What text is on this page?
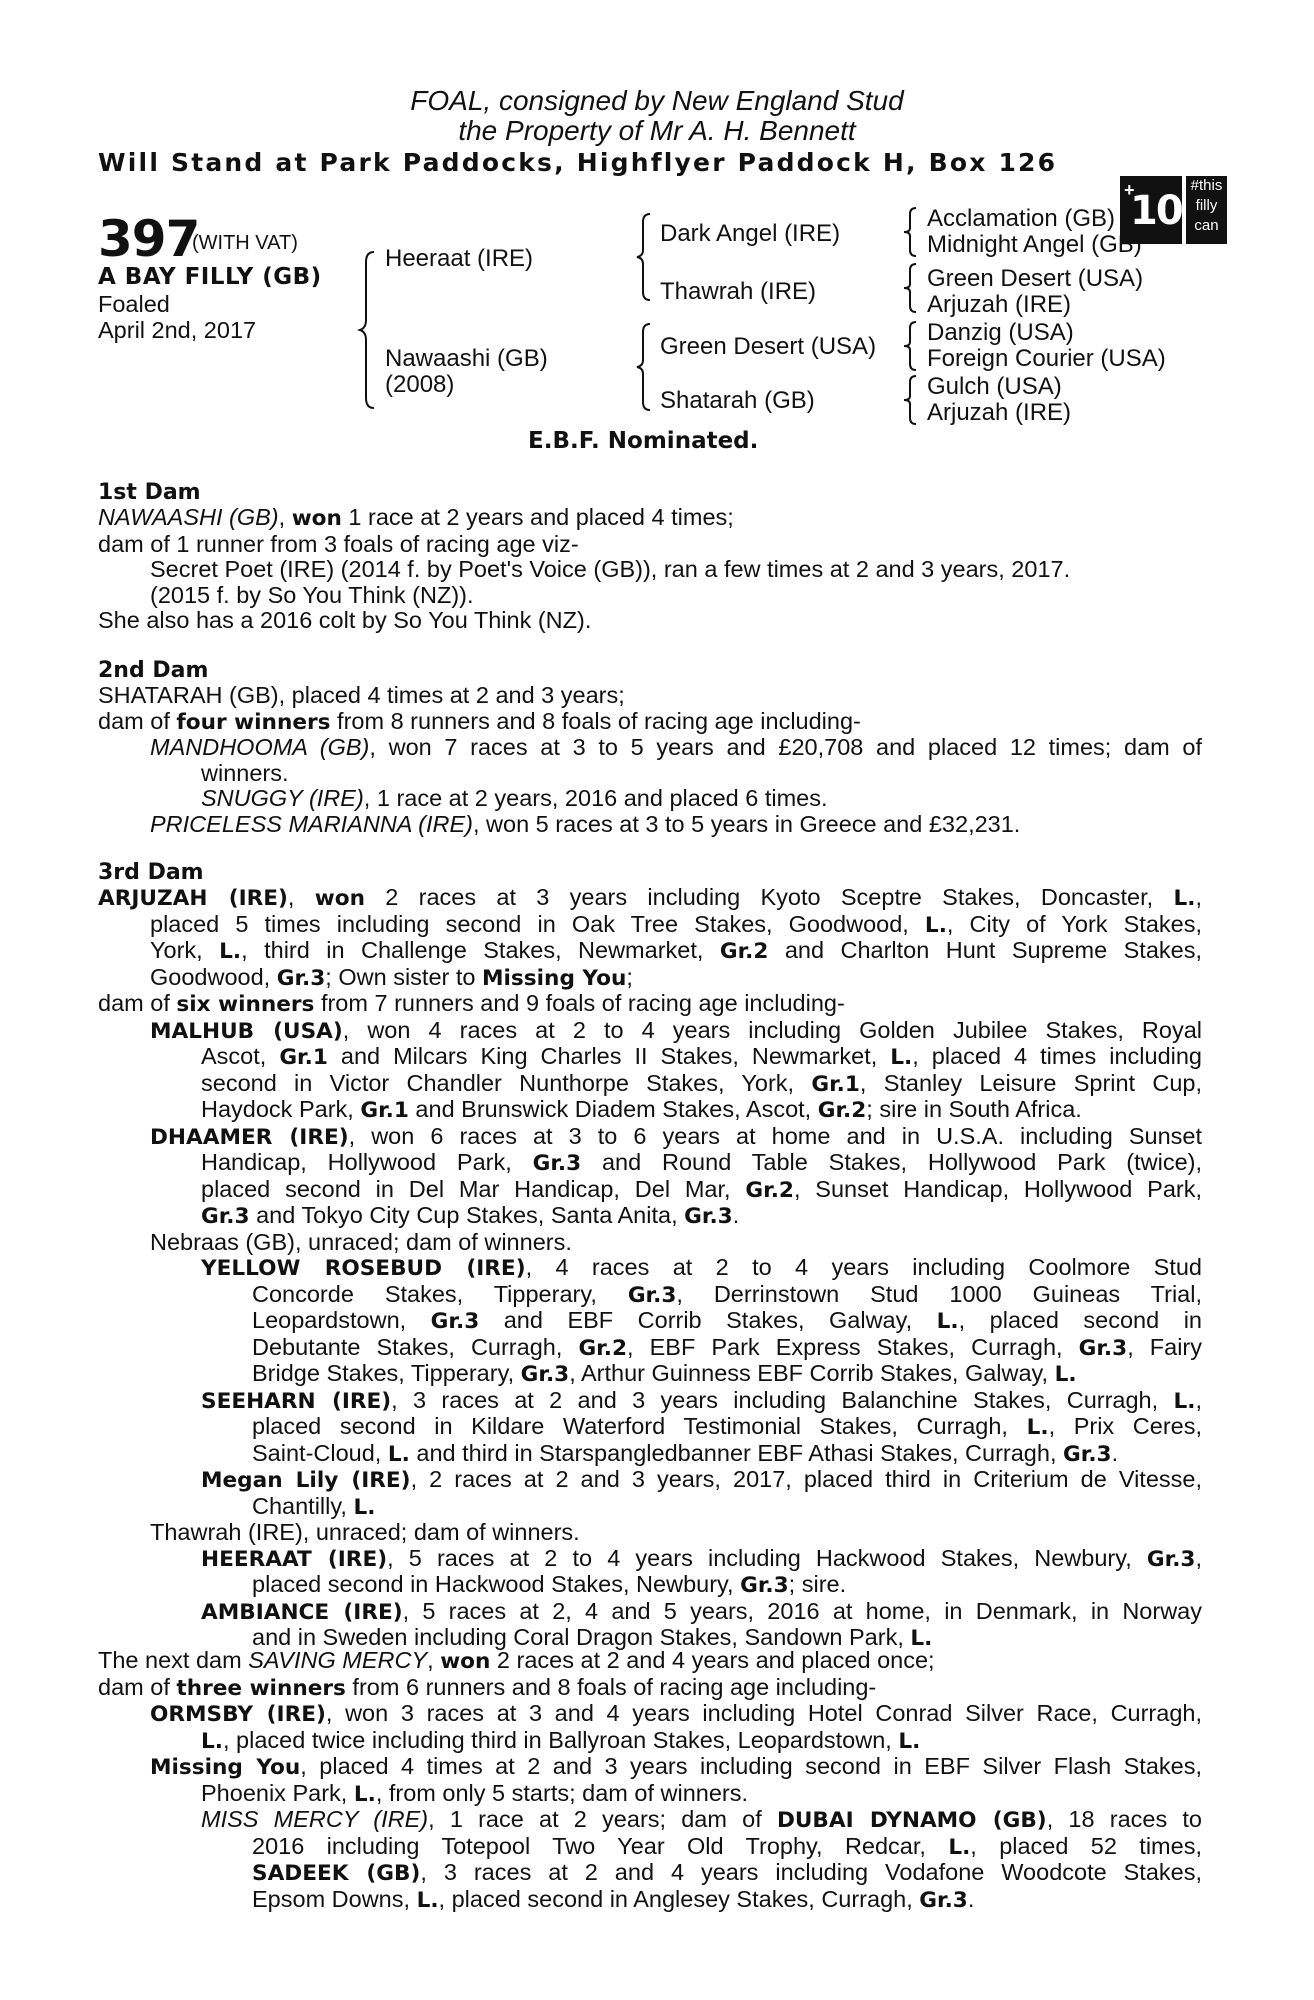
FOAL, consigned by New England Stud
the Property of Mr A. H. Bennett
Will Stand at Park Paddocks, Highflyer Paddock H, Box 126
+
10
#this
filly
can
397
(WITH VAT)
A BAY FILLY (GB)
Foaled
April 2nd, 2017
Heeraat (IRE)
Nawaashi (GB)
(2008)
Dark Angel (IRE)
Thawrah (IRE)
Green Desert (USA)
Shatarah (GB)
Acclamation (GB)
Midnight Angel (GB)
Green Desert (USA)
Arjuzah (IRE)
Danzig (USA)
Foreign Courier (USA)
Gulch (USA)
Arjuzah (IRE)
E.B.F. Nominated.
1st Dam
NAWAASHI (GB), won 1 race at 2 years and placed 4 times;
dam of 1 runner from 3 foals of racing age viz-
Secret Poet (IRE) (2014 f. by Poet's Voice (GB)), ran a few times at 2 and 3 years, 2017.
(2015 f. by So You Think (NZ)).
She also has a 2016 colt by So You Think (NZ).
2nd Dam
SHATARAH (GB), placed 4 times at 2 and 3 years;
dam of four winners from 8 runners and 8 foals of racing age including-
MANDHOOMA (GB), won 7 races at 3 to 5 years and £20,708 and placed 12 times; dam of
winners.
SNUGGY (IRE), 1 race at 2 years, 2016 and placed 6 times.
PRICELESS MARIANNA (IRE), won 5 races at 3 to 5 years in Greece and £32,231.
3rd Dam
ARJUZAH (IRE), won 2 races at 3 years including Kyoto Sceptre Stakes, Doncaster, L.,
placed 5 times including second in Oak Tree Stakes, Goodwood, L., City of York Stakes,
York, L., third in Challenge Stakes, Newmarket, Gr.2 and Charlton Hunt Supreme Stakes,
Goodwood, Gr.3; Own sister to Missing You;
dam of six winners from 7 runners and 9 foals of racing age including-
MALHUB (USA), won 4 races at 2 to 4 years including Golden Jubilee Stakes, Royal
Ascot, Gr.1 and Milcars King Charles II Stakes, Newmarket, L., placed 4 times including
second in Victor Chandler Nunthorpe Stakes, York, Gr.1, Stanley Leisure Sprint Cup,
Haydock Park, Gr.1 and Brunswick Diadem Stakes, Ascot, Gr.2; sire in South Africa.
DHAAMER (IRE), won 6 races at 3 to 6 years at home and in U.S.A. including Sunset
Handicap, Hollywood Park, Gr.3 and Round Table Stakes, Hollywood Park (twice),
placed second in Del Mar Handicap, Del Mar, Gr.2, Sunset Handicap, Hollywood Park,
Gr.3 and Tokyo City Cup Stakes, Santa Anita, Gr.3.
Nebraas (GB), unraced; dam of winners.
YELLOW ROSEBUD (IRE), 4 races at 2 to 4 years including Coolmore Stud
Concorde Stakes, Tipperary, Gr.3, Derrinstown Stud 1000 Guineas Trial,
Leopardstown, Gr.3 and EBF Corrib Stakes, Galway, L., placed second in
Debutante Stakes, Curragh, Gr.2, EBF Park Express Stakes, Curragh, Gr.3, Fairy
Bridge Stakes, Tipperary, Gr.3, Arthur Guinness EBF Corrib Stakes, Galway, L.
SEEHARN (IRE), 3 races at 2 and 3 years including Balanchine Stakes, Curragh, L.,
placed second in Kildare Waterford Testimonial Stakes, Curragh, L., Prix Ceres,
Saint-Cloud, L. and third in Starspangledbanner EBF Athasi Stakes, Curragh, Gr.3.
Megan Lily (IRE), 2 races at 2 and 3 years, 2017, placed third in Criterium de Vitesse,
Chantilly, L.
Thawrah (IRE), unraced; dam of winners.
HEERAAT (IRE), 5 races at 2 to 4 years including Hackwood Stakes, Newbury, Gr.3,
placed second in Hackwood Stakes, Newbury, Gr.3; sire.
AMBIANCE (IRE), 5 races at 2, 4 and 5 years, 2016 at home, in Denmark, in Norway
and in Sweden including Coral Dragon Stakes, Sandown Park, L.
The next dam SAVING MERCY, won 2 races at 2 and 4 years and placed once;
dam of three winners from 6 runners and 8 foals of racing age including-
ORMSBY (IRE), won 3 races at 3 and 4 years including Hotel Conrad Silver Race, Curragh,
L., placed twice including third in Ballyroan Stakes, Leopardstown, L.
Missing You, placed 4 times at 2 and 3 years including second in EBF Silver Flash Stakes,
Phoenix Park, L., from only 5 starts; dam of winners.
MISS MERCY (IRE), 1 race at 2 years; dam of DUBAI DYNAMO (GB), 18 races to
2016 including Totepool Two Year Old Trophy, Redcar, L., placed 52 times,
SADEEK (GB), 3 races at 2 and 4 years including Vodafone Woodcote Stakes,
Epsom Downs, L., placed second in Anglesey Stakes, Curragh, Gr.3.
